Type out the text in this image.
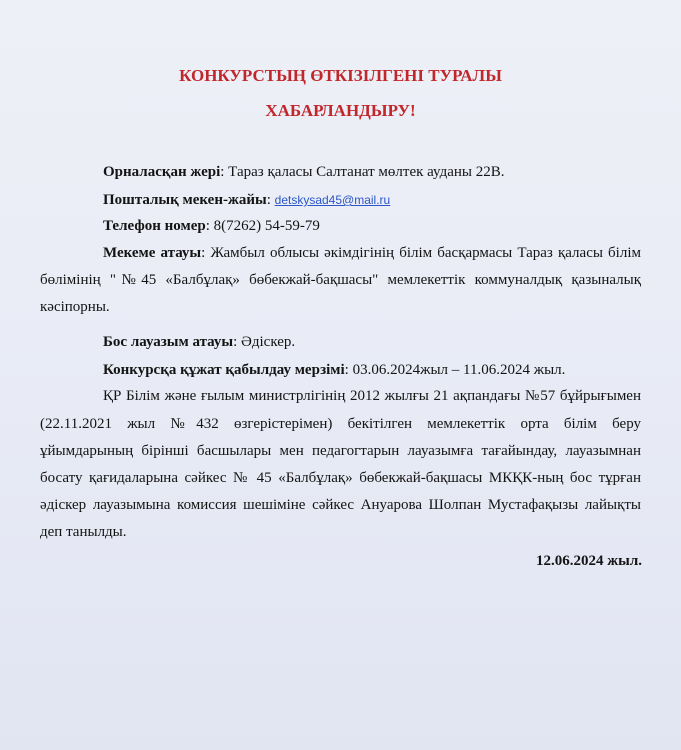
КОНКУРСТЫҢ ӨТКІЗІЛГЕНІ ТУРАЛЫ
ХАБАРЛАНДЫРУ!
Орналасқан жері: Тараз қаласы Салтанат мөлтек ауданы 22В.
Пошталық мекен-жайы: detskysad45@mail.ru
Телефон номер: 8(7262) 54-59-79
Мекеме атауы: Жамбыл облысы әкімдігінің білім басқармасы Тараз қаласы білім
бөлімінің "№45 «Балбұлақ» бөбекжай-бақшасы" мемлекеттік коммуналдық қазыналық
кәсіпорны.
Бос лауазым атауы: Әдіскер.
Конкурсқа құжат қабылдау мерзімі: 03.06.2024жыл – 11.06.2024 жыл.
ҚР Білім және ғылым министрлігінің 2012 жылғы 21 ақпандағы №57 бұйрығымен
(22.11.2021 жыл №432 өзгерістерімен) бекітілген мемлекеттік орта білім беру
ұйымдарының бірінші басшылары мен педагогтарын лауазымға тағайындау, лауазымнан
босату қағидаларына сәйкес № 45 «Балбұлақ» бөбекжай-бақшасы МКҚК-ның бос тұрған
әдіскер лауазымына комиссия шешіміне сәйкес Ануарова Шолпан Мустафақызы лайықты
деп танылды.
12.06.2024 жыл.
